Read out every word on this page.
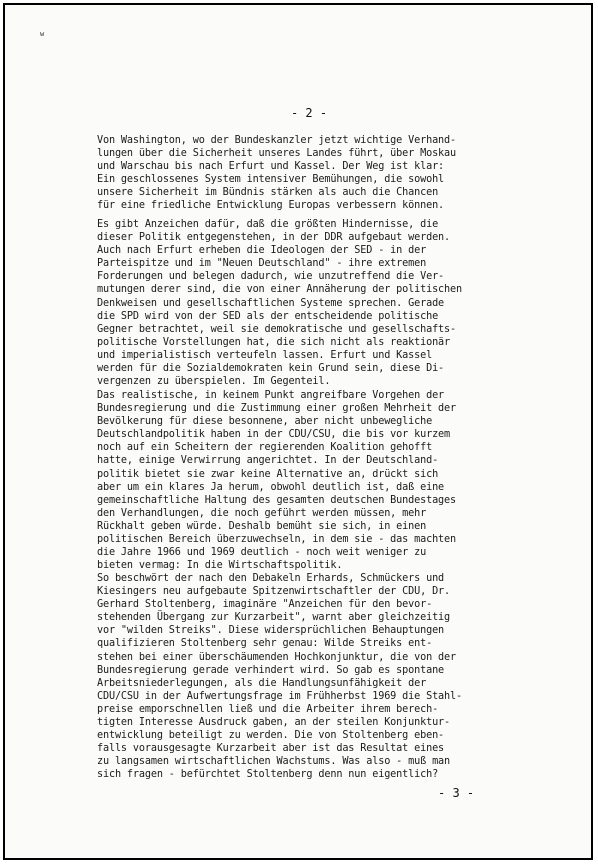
w
- 2 -
Von Washington, wo der Bundeskanzler jetzt wichtige Verhand-
lungen über die Sicherheit unseres Landes führt, über Moskau
und Warschau bis nach Erfurt und Kassel. Der Weg ist klar:
Ein geschlossenes System intensiver Bemühungen, die sowohl
unsere Sicherheit im Bündnis stärken als auch die Chancen
für eine friedliche Entwicklung Europas verbessern können.
Es gibt Anzeichen dafür, daß die größten Hindernisse, die
dieser Politik entgegenstehen, in der DDR aufgebaut werden.
Auch nach Erfurt erheben die Ideologen der SED - in der
Parteispitze und im "Neuen Deutschland" - ihre extremen
Forderungen und belegen dadurch, wie unzutreffend die Ver-
mutungen derer sind, die von einer Annäherung der politischen
Denkweisen und gesellschaftlichen Systeme sprechen. Gerade
die SPD wird von der SED als der entscheidende politische
Gegner betrachtet, weil sie demokratische und gesellschafts-
politische Vorstellungen hat, die sich nicht als reaktionär
und imperialistisch verteufeln lassen. Erfurt und Kassel
werden für die Sozialdemokraten kein Grund sein, diese Di-
vergenzen zu überspielen. Im Gegenteil.
Das realistische, in keinem Punkt angreifbare Vorgehen der
Bundesregierung und die Zustimmung einer großen Mehrheit der
Bevölkerung für diese besonnene, aber nicht unbewegliche
Deutschlandpolitik haben in der CDU/CSU, die bis vor kurzem
noch auf ein Scheitern der regierenden Koalition gehofft
hatte, einige Verwirrung angerichtet. In der Deutschland-
politik bietet sie zwar keine Alternative an, drückt sich
aber um ein klares Ja herum, obwohl deutlich ist, daß eine
gemeinschaftliche Haltung des gesamten deutschen Bundestages
den Verhandlungen, die noch geführt werden müssen, mehr
Rückhalt geben würde. Deshalb bemüht sie sich, in einen
politischen Bereich überzuwechseln, in dem sie - das machten
die Jahre 1966 und 1969 deutlich - noch weit weniger zu
bieten vermag: In die Wirtschaftspolitik.
So beschwört der nach den Debakeln Erhards, Schmückers und
Kiesingers neu aufgebaute Spitzenwirtschaftler der CDU, Dr.
Gerhard Stoltenberg, imaginäre "Anzeichen für den bevor-
stehenden Übergang zur Kurzarbeit", warnt aber gleichzeitig
vor "wilden Streiks". Diese widersprüchlichen Behauptungen
qualifizieren Stoltenberg sehr genau: Wilde Streiks ent-
stehen bei einer überschäumenden Hochkonjunktur, die von der
Bundesregierung gerade verhindert wird. So gab es spontane
Arbeitsniederlegungen, als die Handlungsunfähigkeit der
CDU/CSU in der Aufwertungsfrage im Frühherbst 1969 die Stahl-
preise emporschnellen ließ und die Arbeiter ihrem berech-
tigten Interesse Ausdruck gaben, an der steilen Konjunktur-
entwicklung beteiligt zu werden. Die von Stoltenberg eben-
falls vorausgesagte Kurzarbeit aber ist das Resultat eines
zu langsamen wirtschaftlichen Wachstums. Was also - muß man
sich fragen - befürchtet Stoltenberg denn nun eigentlich?
- 3 -
